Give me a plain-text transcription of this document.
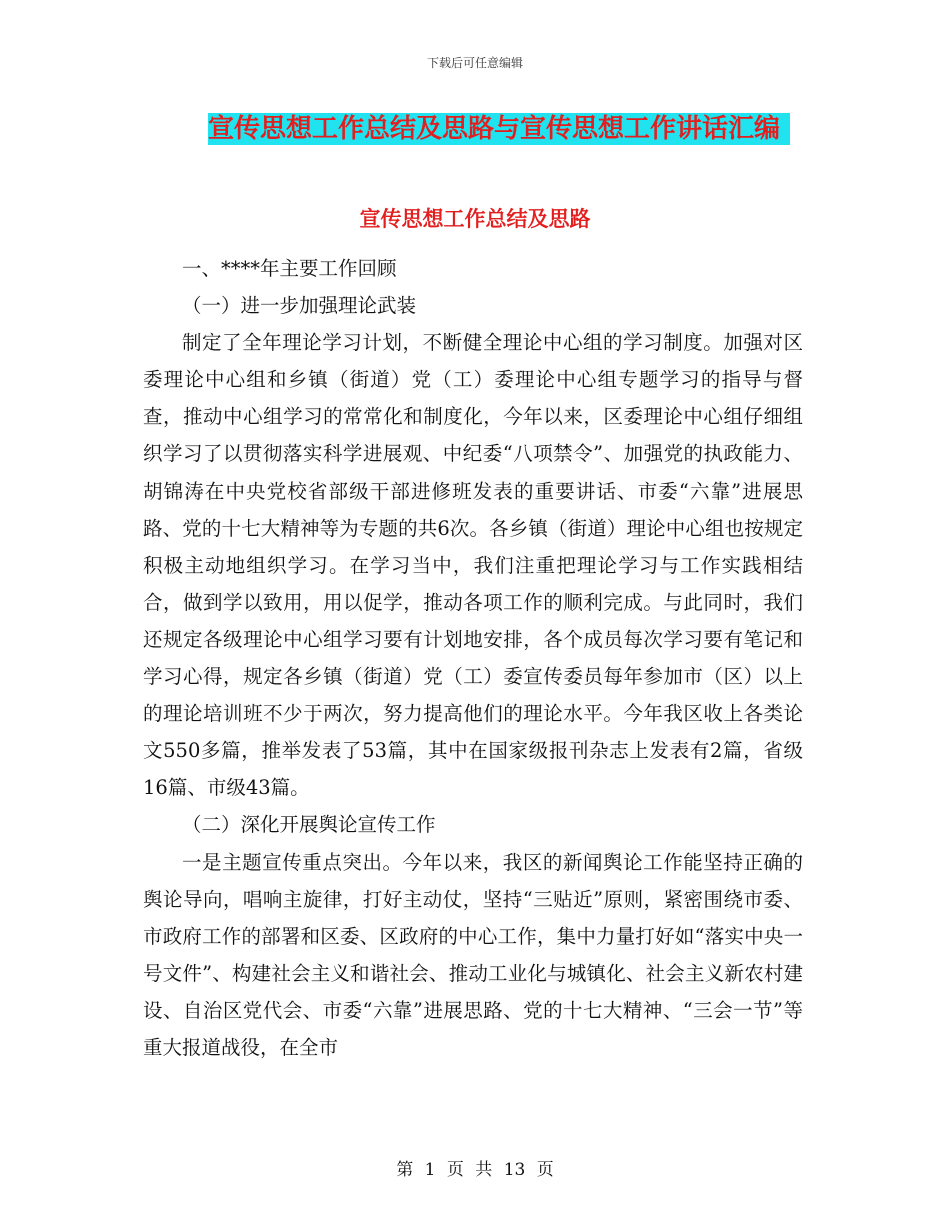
下载后可任意编辑
宣传思想工作总结及思路与宣传思想工作讲话汇编
宣传思想工作总结及思路

一、****年主要工作回顾

（一）进一步加强理论武装

制定了全年理论学习计划，不断健全理论中心组的学习制度。加强对区委理论中心组和乡镇（街道）党（工）委理论中心组专题学习的指导与督查，推动中心组学习的常常化和制度化，今年以来，区委理论中心组仔细组织学习了以贯彻落实科学进展观、中纪委“八项禁令”、加强党的执政能力、胡锦涛在中央党校省部级干部进修班发表的重要讲话、市委“六靠”进展思路、党的十七大精神等为专题的共6次。各乡镇（街道）理论中心组也按规定积极主动地组织学习。在学习当中，我们注重把理论学习与工作实践相结合，做到学以致用，用以促学，推动各项工作的顺利完成。与此同时，我们还规定各级理论中心组学习要有计划地安排，各个成员每次学习要有笔记和学习心得，规定各乡镇（街道）党（工）委宣传委员每年参加市（区）以上的理论培训班不少于两次，努力提高他们的理论水平。今年我区收上各类论文550多篇，推举发表了53篇，其中在国家级报刊杂志上发表有2篇，省级16篇、市级43篇。

（二）深化开展舆论宣传工作

一是主题宣传重点突出。今年以来，我区的新闻舆论工作能坚持正确的舆论导向，唱响主旋律，打好主动仗，坚持“三贴近”原则，紧密围绕市委、市政府工作的部署和区委、区政府的中心工作，集中力量打好如“落实中央一号文件”、构建社会主义和谐社会、推动工业化与城镇化、社会主义新农村建设、自治区党代会、市委“六靠”进展思路、党的十七大精神、“三会一节”等重大报道战役，在全市

第 1 页 共 13 页
